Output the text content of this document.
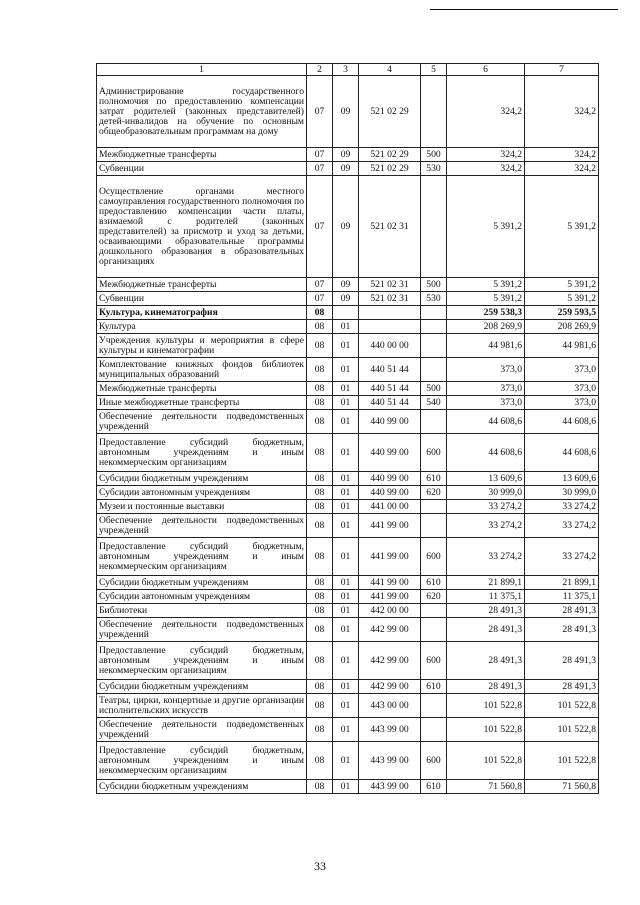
1	2	3	4	5	6	7
Администрирование государственного полномочия по предоставлению компенсации затрат родителей (законных представителей) детей-инвалидов на обучение по основным общеобразовательным программам на дому	07	09	521 02 29		324,2	324,2
Межбюджетные трансферты	07	09	521 02 29	500	324,2	324,2
Субвенции	07	09	521 02 29	530	324,2	324,2
Осуществление органами местного самоуправления государственного полномочия по предоставлению компенсации части платы, взимаемой с родителей (законных представителей) за присмотр и уход за детьми, осваивающими образовательные программы дошкольного образования в образовательных организациях	07	09	521 02 31		5 391,2	5 391,2
Межбюджетные трансферты	07	09	521 02 31	500	5 391,2	5 391,2
Субвенции	07	09	521 02 31	530	5 391,2	5 391,2
Культура, кинематография	08				259 538,3	259 593,5
Культура	08	01			208 269,9	208 269,9
Учреждения культуры и мероприятия в сфере культуры и кинематографии	08	01	440 00 00		44 981,6	44 981,6
Комплектование книжных фондов библиотек муниципальных образований	08	01	440 51 44		373,0	373,0
Межбюджетные трансферты	08	01	440 51 44	500	373,0	373,0
Иные межбюджетные трансферты	08	01	440 51 44	540	373,0	373,0
Обеспечение деятельности подведомственных учреждений	08	01	440 99 00		44 608,6	44 608,6
Предоставление субсидий бюджетным, автономным учреждениям и иным некоммерческим организациям	08	01	440 99 00	600	44 608,6	44 608,6
Субсидии бюджетным учреждениям	08	01	440 99 00	610	13 609,6	13 609,6
Субсидии автономным учреждениям	08	01	440 99 00	620	30 999,0	30 999,0
Музеи и постоянные выставки	08	01	441 00 00		33 274,2	33 274,2
Обеспечение деятельности подведомственных учреждений	08	01	441 99 00		33 274,2	33 274,2
Предоставление субсидий бюджетным, автономным учреждениям и иным некоммерческим организациям	08	01	441 99 00	600	33 274,2	33 274,2
Субсидии бюджетным учреждениям	08	01	441 99 00	610	21 899,1	21 899,1
Субсидии автономным учреждениям	08	01	441 99 00	620	11 375,1	11 375,1
Библиотеки	08	01	442 00 00		28 491,3	28 491,3
Обеспечение деятельности подведомственных учреждений	08	01	442 99 00		28 491,3	28 491,3
Предоставление субсидий бюджетным, автономным учреждениям и иным некоммерческим организациям	08	01	442 99 00	600	28 491,3	28 491,3
Субсидии бюджетным учреждениям	08	01	442 99 00	610	28 491,3	28 491,3
Театры, цирки, концертные и другие организации исполнительских искусств	08	01	443 00 00		101 522,8	101 522,8
Обеспечение деятельности подведомственных учреждений	08	01	443 99 00		101 522,8	101 522,8
Предоставление субсидий бюджетным, автономным учреждениям и иным некоммерческим организациям	08	01	443 99 00	600	101 522,8	101 522,8
Субсидии бюджетным учреждениям	08	01	443 99 00	610	71 560,8	71 560,8
33
